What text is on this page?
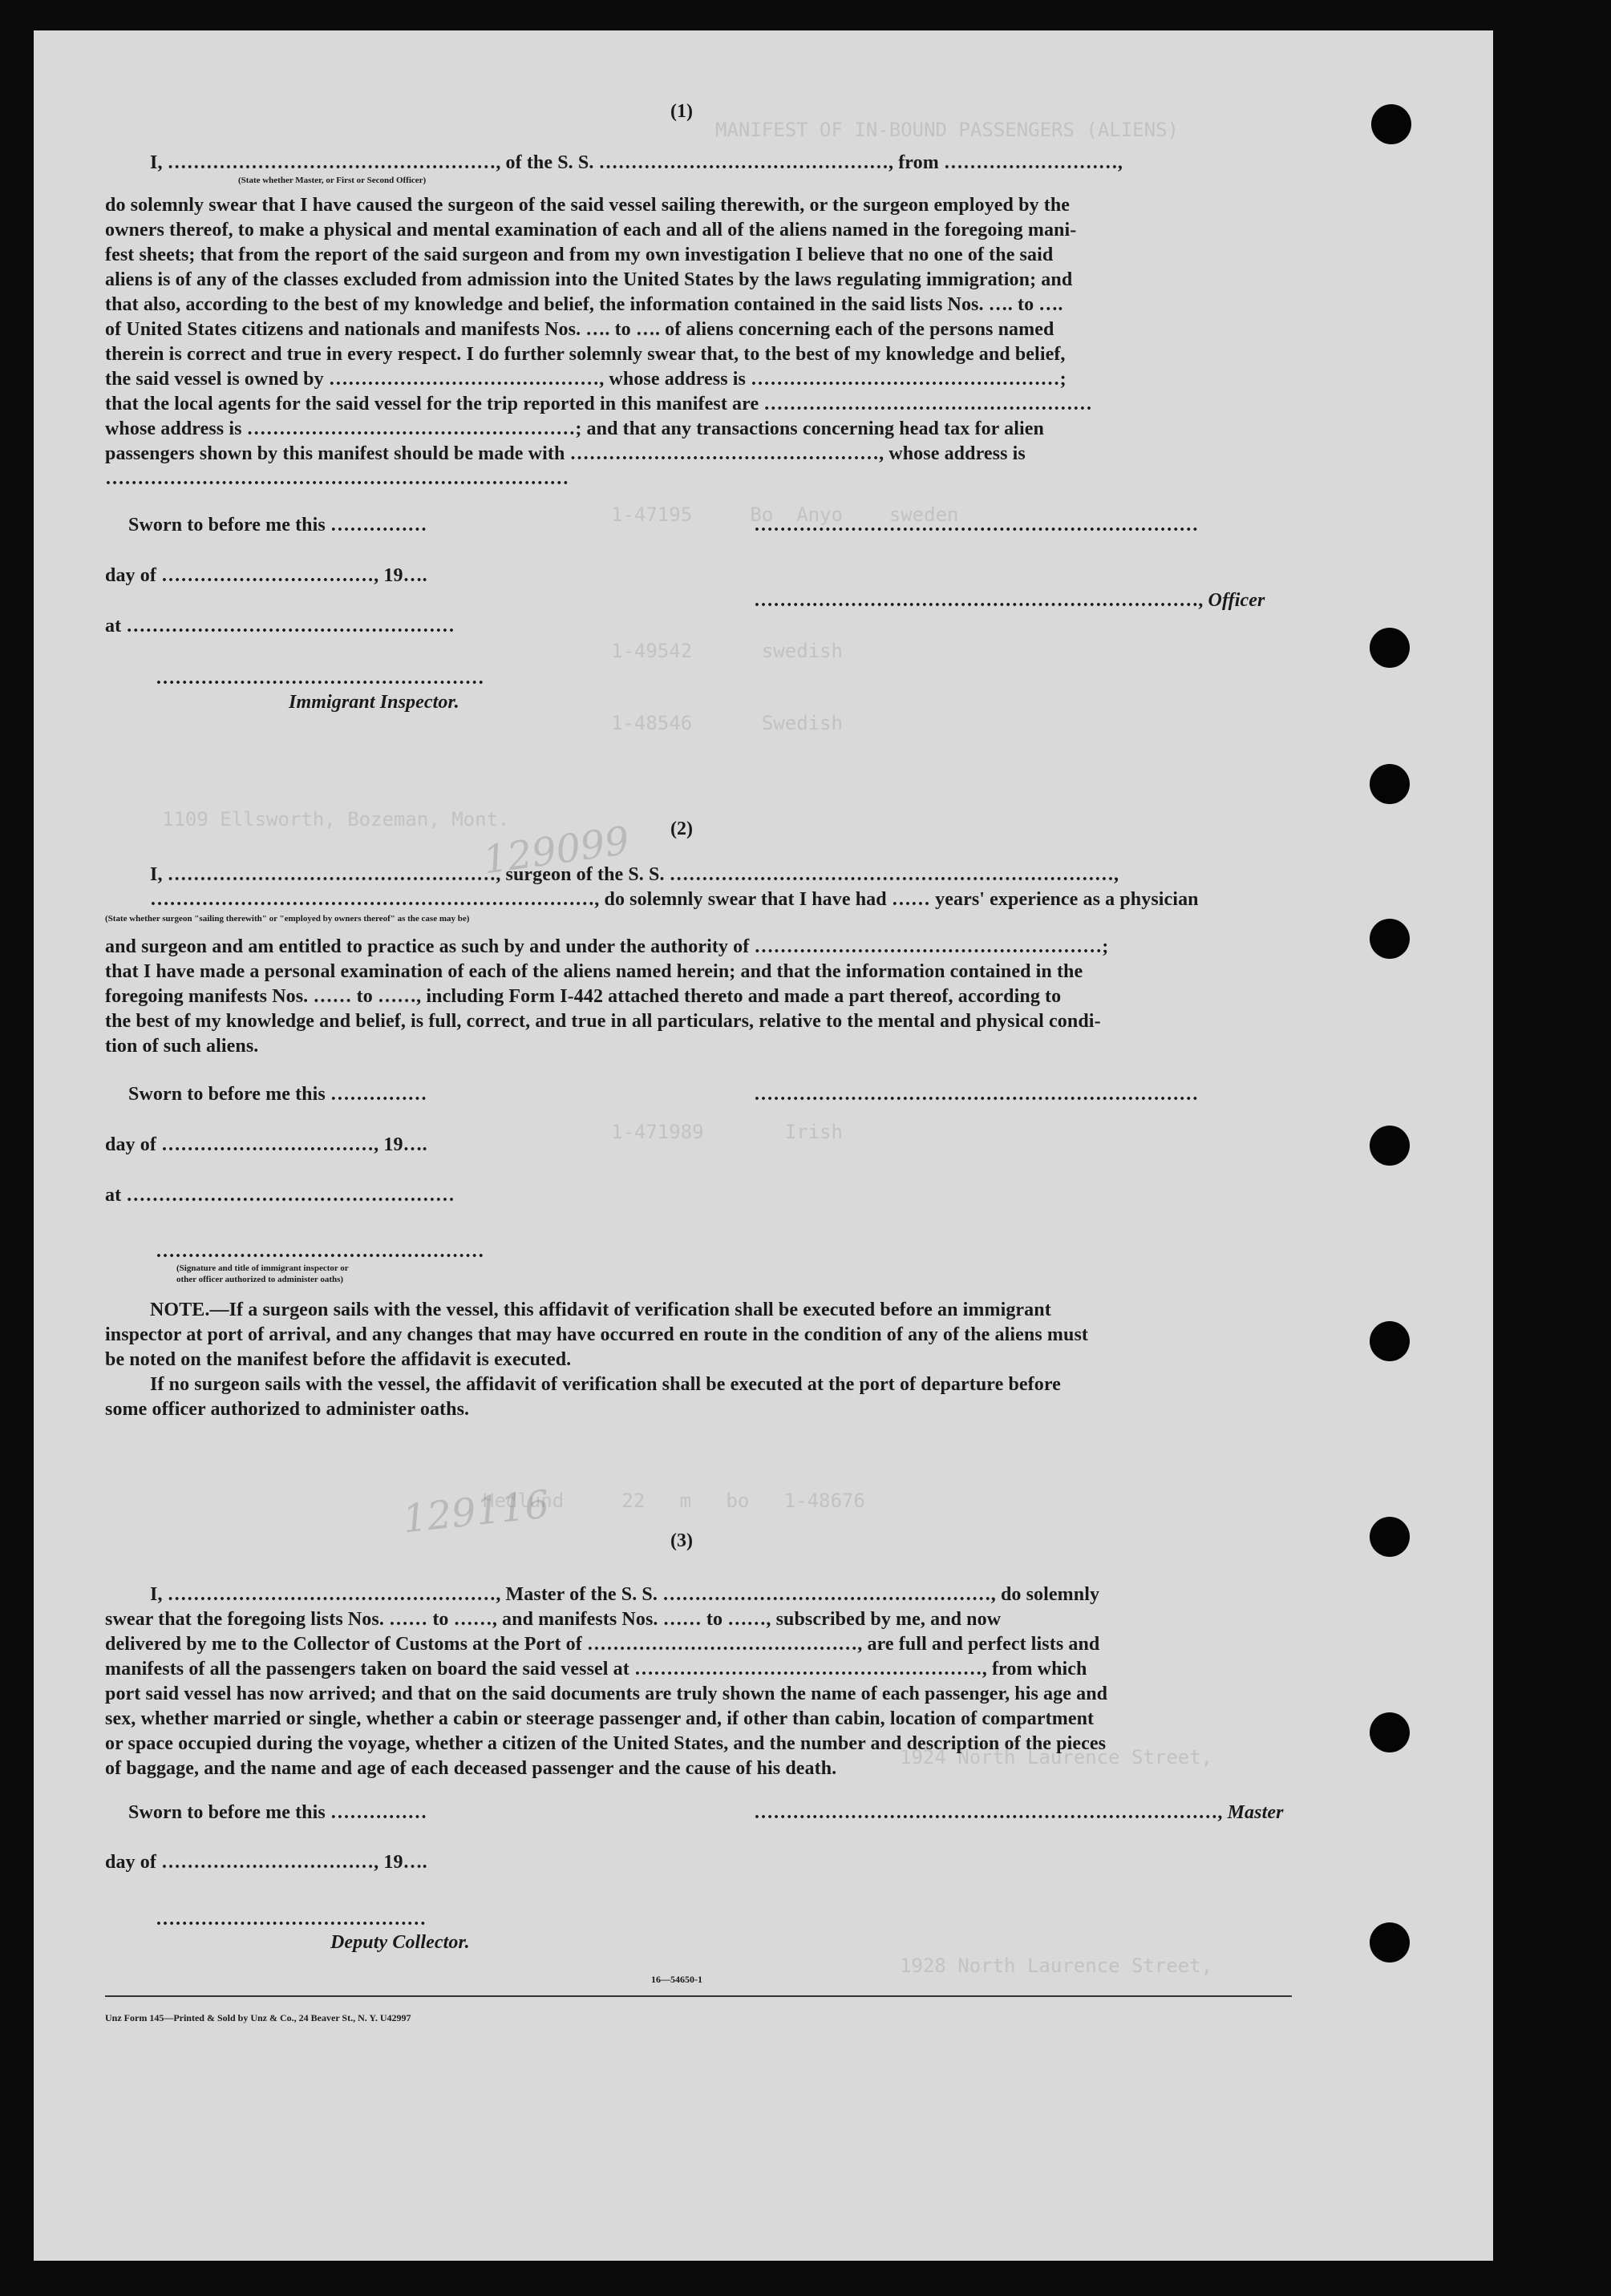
MANIFEST OF IN-BOUND PASSENGERS (ALIENS)
1-47195     Bo  Anyo    sweden
1-49542      swedish
1-48546      Swedish
1109 Ellsworth, Bozeman, Mont.
1-471989       Irish
Hedlund     22   m   bo   1-48676
1924 North Laurence Street,
1928 North Laurence Street,
129099
129116
(1)
I, ……………………………………………, of the S. S. ………………………………………, from ………………………,
(State whether Master, or First or Second Officer)
do solemnly swear that I have caused the surgeon of the said vessel sailing therewith, or the surgeon employed by the
owners thereof, to make a physical and mental examination of each and all of the aliens named in the foregoing mani-
fest sheets; that from the report of the said surgeon and from my own investigation I believe that no one of the said
aliens is of any of the classes excluded from admission into the United States by the laws regulating immigration; and
that also, according to the best of my knowledge and belief, the information contained in the said lists Nos. …. to ….
of United States citizens and nationals and manifests Nos. …. to …. of aliens concerning each of the persons named
therein is correct and true in every respect. I do further solemnly swear that, to the best of my knowledge and belief,
the said vessel is owned by ……………………………………, whose address is …………………………………………;
that the local agents for the said vessel for the trip reported in this manifest are ……………………………………………
whose address is ……………………………………………; and that any transactions concerning head tax for alien
passengers shown by this manifest should be made with …………………………………………, whose address is
………………………………………………………………
Sworn to before me this ……………	……………………………………………………………
day of ……………………………, 19….
……………………………………………………………, Officer
at ……………………………………………
……………………………………………
Immigrant Inspector.
(2)
I, ……………………………………………, surgeon of the S. S. ……………………………………………………………,
……………………………………………………………, do solemnly swear that I have had …… years' experience as a physician
(State whether surgeon "sailing therewith" or "employed by owners thereof" as the case may be)
and surgeon and am entitled to practice as such by and under the authority of ………………………………………………;
that I have made a personal examination of each of the aliens named herein; and that the information contained in the
foregoing manifests Nos. …… to ……, including Form I-442 attached thereto and made a part thereof, according to
the best of my knowledge and belief, is full, correct, and true in all particulars, relative to the mental and physical condi-
tion of such aliens.
Sworn to before me this ……………	……………………………………………………………
day of ……………………………, 19….
at ……………………………………………
……………………………………………
(Signature and title of immigrant inspector or
other officer authorized to administer oaths)
NOTE.—If a surgeon sails with the vessel, this affidavit of verification shall be executed before an immigrant
inspector at port of arrival, and any changes that may have occurred en route in the condition of any of the aliens must
be noted on the manifest before the affidavit is executed.
If no surgeon sails with the vessel, the affidavit of verification shall be executed at the port of departure before
some officer authorized to administer oaths.
(3)
I, ……………………………………………, Master of the S. S. ……………………………………………, do solemnly
swear that the foregoing lists Nos. …… to ……, and manifests Nos. …… to ……, subscribed by me, and now
delivered by me to the Collector of Customs at the Port of ……………………………………, are full and perfect lists and
manifests of all the passengers taken on board the said vessel at ………………………………………………, from which
port said vessel has now arrived; and that on the said documents are truly shown the name of each passenger, his age and
sex, whether married or single, whether a cabin or steerage passenger and, if other than cabin, location of compartment
or space occupied during the voyage, whether a citizen of the United States, and the number and description of the pieces
of baggage, and the name and age of each deceased passenger and the cause of his death.
Sworn to before me this ……………	………………………………………………………………, Master
day of ……………………………, 19….
……………………………………
Deputy Collector.
16—54650-1
Unz Form 145—Printed & Sold by Unz & Co., 24 Beaver St., N. Y. U42997
